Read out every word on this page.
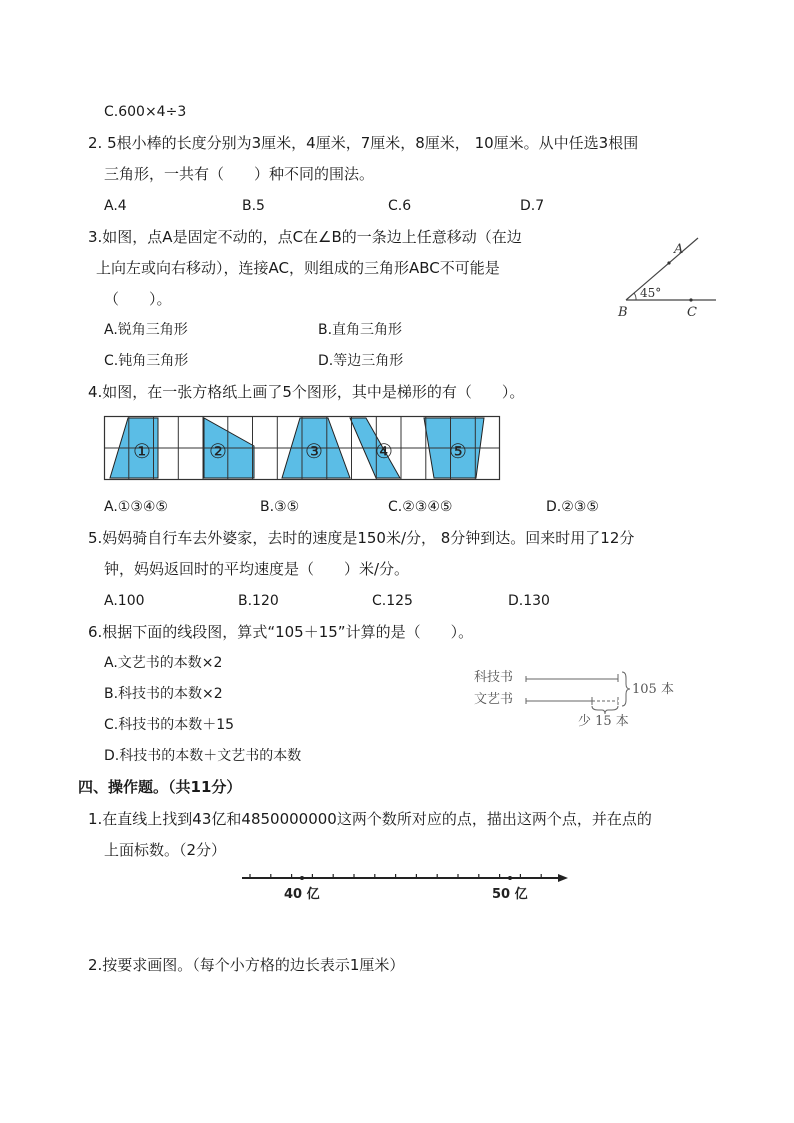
C.600×4÷3
2. 5根小棒的长度分别为3厘米，4厘米，7厘米，8厘米， 10厘米。从中任选3根围
三角形，一共有（　　）种不同的围法。
A.4	B.5	C.6	D.7
3.如图，点A是固定不动的，点C在∠B的一条边上任意移动（在边
上向左或向右移动），连接AC，则组成的三角形ABC不可能是
（　　）。
A.锐角三角形	B.直角三角形
C.钝角三角形	D.等边三角形
A
B	C
45°
4.如图，在一张方格纸上画了5个图形，其中是梯形的有（　　）。
①	②	③	④	⑤
A.①③④⑤	B.③⑤	C.②③④⑤	D.②③⑤
5.妈妈骑自行车去外婆家，去时的速度是150米/分， 8分钟到达。回来时用了12分
钟，妈妈返回时的平均速度是（　　）米/分。
A.100	B.120	C.125	D.130
6.根据下面的线段图，算式“105＋15”计算的是（　　）。
A.文艺书的本数×2
B.科技书的本数×2
C.科技书的本数＋15
D.科技书的本数＋文艺书的本数
科技书
文艺书
105 本
少 15 本
四、操作题。（共11分）
1.在直线上找到43亿和4850000000这两个数所对应的点，描出这两个点，并在点的
上面标数。（2分）
40 亿	50 亿
2.按要求画图。（每个小方格的边长表示1厘米）
